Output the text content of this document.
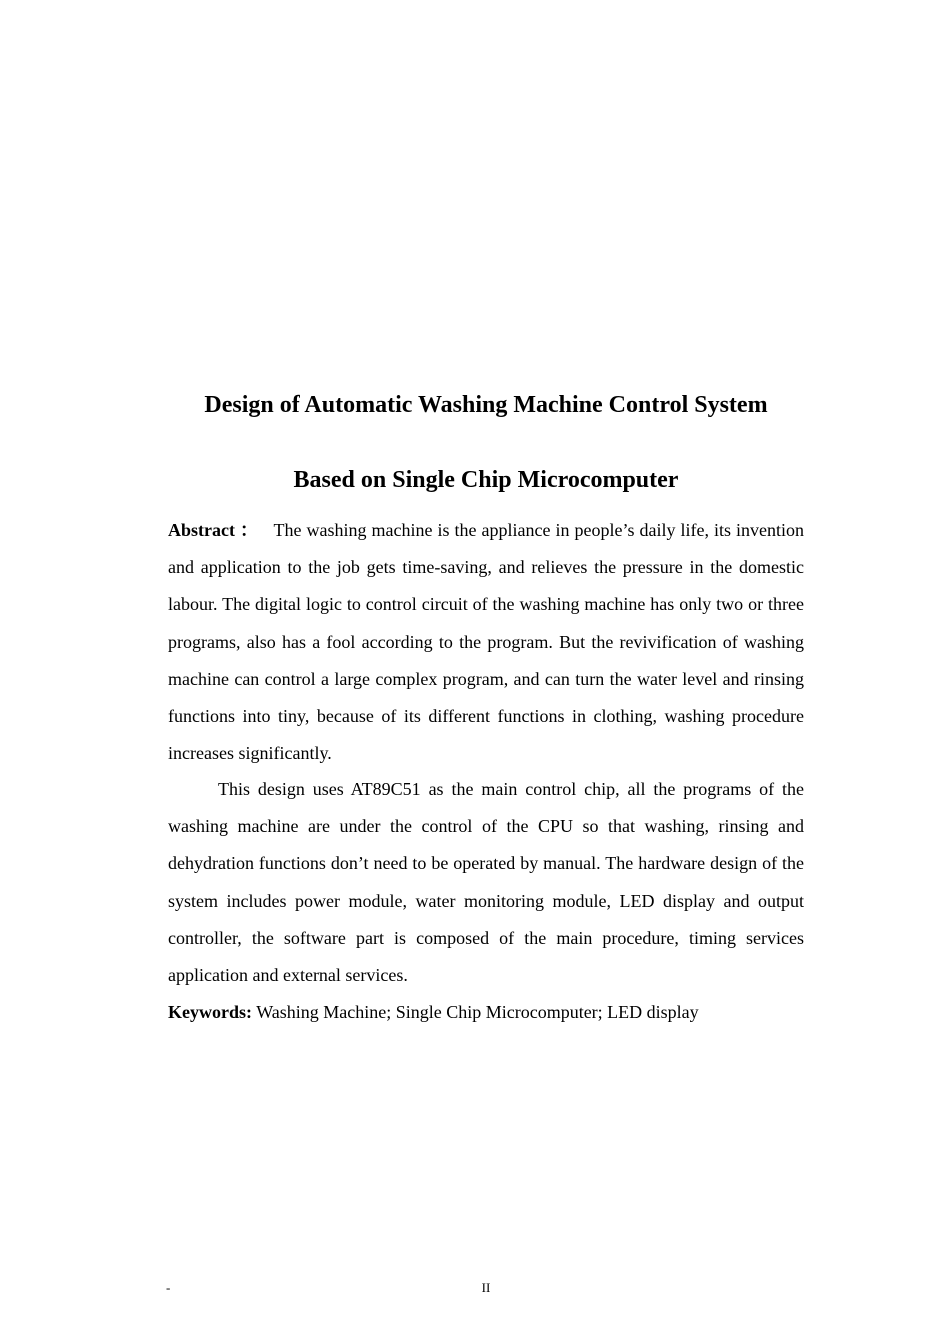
Design of Automatic Washing Machine Control System
Based on Single Chip Microcomputer

Abstract ： The washing machine is the appliance in people’s daily life, its invention and application to the job gets time-saving, and relieves the pressure in the domestic labour. The digital logic to control circuit of the washing machine has only two or three programs, also has a fool according to the program. But the revivification of washing machine can control a large complex program, and can turn the water level and rinsing functions into tiny, because of its different functions in clothing, washing procedure increases significantly.

This design uses AT89C51 as the main control chip, all the programs of the washing machine are under the control of the CPU so that washing, rinsing and dehydration functions don’t need to be operated by manual. The hardware design of the system includes power module, water monitoring module, LED display and output controller, the software part is composed of the main procedure, timing services application and external services.

Keywords: Washing Machine; Single Chip Microcomputer; LED display

-	II
